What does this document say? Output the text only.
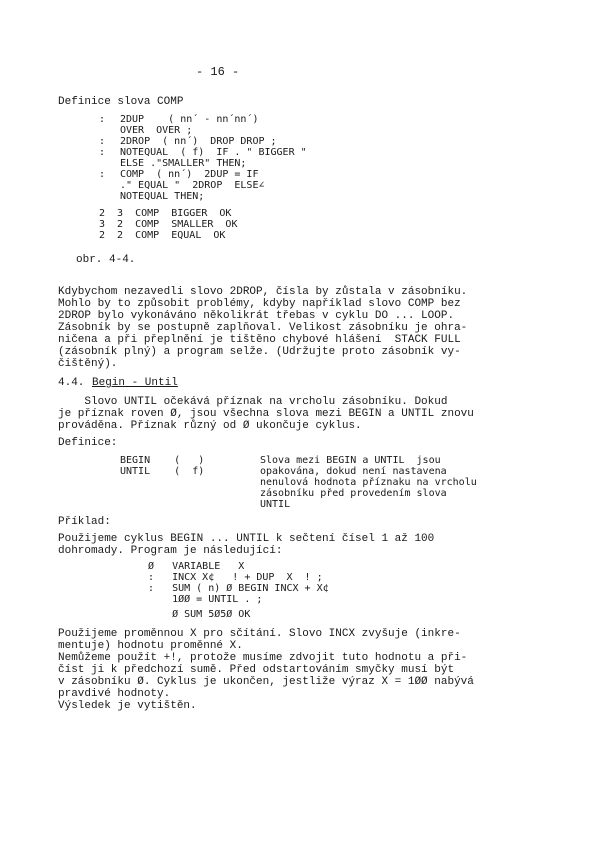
- 16 -
Definice slova COMP
: 2DUP    ( nn´ - nn´nn´)
OVER  OVER ;
: 2DROP  ( nn´)  DROP DROP ;
: NOTEQUAL  ( f)  IF . " BIGGER "
ELSE ."SMALLER" THEN;
: COMP  ( nn´)  2DUP = IF
." EQUAL "  2DROP  ELSE∠
NOTEQUAL THEN;
2  3  COMP  BIGGER  OK
3  2  COMP  SMALLER  OK
2  2  COMP  EQUAL  OK
obr. 4-4.
Kdybychom nezavedli slovo 2DROP, čísla by zůstala v zásobníku.
Mohlo by to způsobit problémy, kdyby například slovo COMP bez
2DROP bylo vykonáváno několikrát třebas v cyklu DO ... LOOP.
Zásobník by se postupně zaplňoval. Velikost zásobníku je ohra-
ničena a při přeplnění je tištěno chybové hlášení  STACK FULL
(zásobník plný) a program selže. (Udržujte proto zásobník vy-
čištěný).
4.4. Begin - Until
Slovo UNTIL očekává příznak na vrcholu zásobníku. Dokud
je příznak roven Ø, jsou všechna slova mezi BEGIN a UNTIL znovu
prováděna. Příznak různý od Ø ukončuje cyklus.
Definice:
BEGIN    (   )
UNTIL    (  f)
Slova mezi BEGIN a UNTIL  jsou
opakována, dokud není nastavena
nenulová hodnota příznaku na vrcholu
zásobníku před provedením slova
UNTIL
Příklad:
Použijeme cyklus BEGIN ... UNTIL k sečtení čísel 1 až 100
dohromady. Program je následující:
Ø   VARIABLE   X
:   INCX X¢   ! + DUP  X  ! ;
:   SUM ( n) Ø BEGIN INCX + X¢
1ØØ = UNTIL . ;
Ø SUM 5Ø5Ø OK
Použijeme proměnnou X pro sčítání. Slovo INCX zvyšuje (inkre-
mentuje) hodnotu proměnné X.
Nemůžeme použít +!, protože musíme zdvojit tuto hodnotu a při-
číst ji k předchozí sumě. Před odstartováním smyčky musí být
v zásobníku Ø. Cyklus je ukončen, jestliže výraz X = 1ØØ nabývá
pravdivé hodnoty.
Výsledek je vytištěn.
